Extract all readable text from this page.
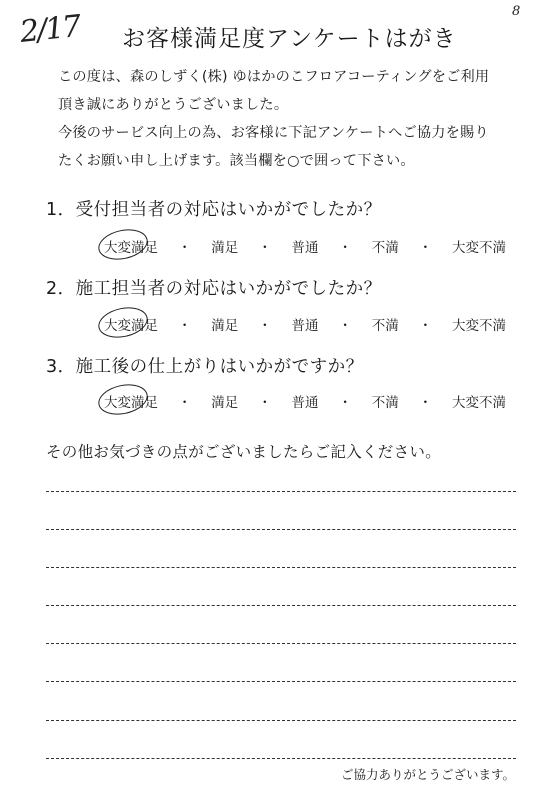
2/17	8
お客様満足度アンケートはがき
この度は、森のしずく(株) ゆはかのこフロアコーティングをご利用
頂き誠にありがとうございました。
今後のサービス向上の為、お客様に下記アンケートへご協力を賜り
たくお願い申し上げます。該当欄を○で囲って下さい。
1．受付担当者の対応はいかがでしたか？
大変満足 ・ 満足 ・ 普通 ・ 不満 ・ 大変不満
2．施工担当者の対応はいかがでしたか？
大変満足 ・ 満足 ・ 普通 ・ 不満 ・ 大変不満
3．施工後の仕上がりはいかがですか？
大変満足 ・ 満足 ・ 普通 ・ 不満 ・ 大変不満
その他お気づきの点がございましたらご記入ください。
ご協力ありがとうございます。
